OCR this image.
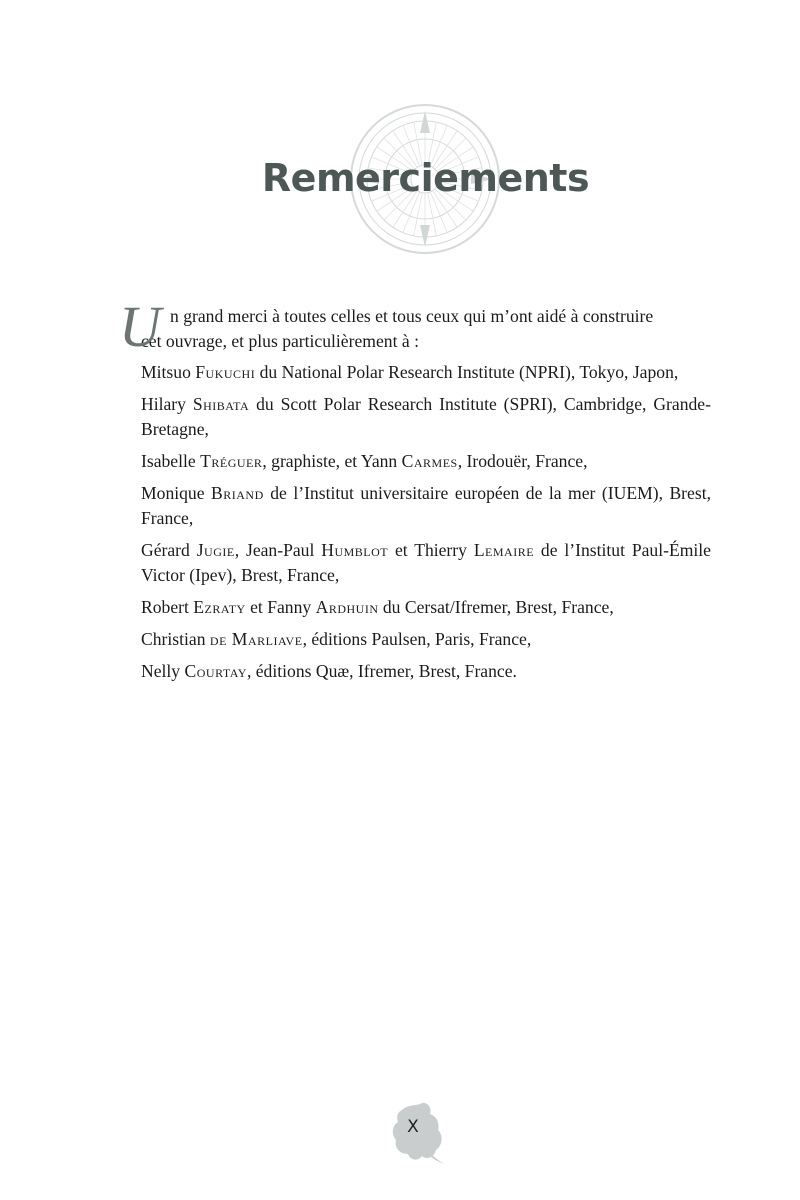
Remerciements

U n grand merci à toutes celles et tous ceux qui m’ont aidé à construire
cet ouvrage, et plus particulièrement à :

Mitsuo Fukuchi du National Polar Research Institute (NPRI), Tokyo, Japon,

Hilary Shibata du Scott Polar Research Institute (SPRI), Cambridge, Grande-Bretagne,

Isabelle Tréguer, graphiste, et Yann Carmes, Irodouër, France,

Monique Briand de l’Institut universitaire européen de la mer (IUEM), Brest, France,

Gérard Jugie, Jean-Paul Humblot et Thierry Lemaire de l’Institut Paul-Émile Victor (Ipev), Brest, France,

Robert Ezraty et Fanny Ardhuin du Cersat/Ifremer, Brest, France,

Christian de Marliave, éditions Paulsen, Paris, France,

Nelly Courtay, éditions Quæ, Ifremer, Brest, France.

X
